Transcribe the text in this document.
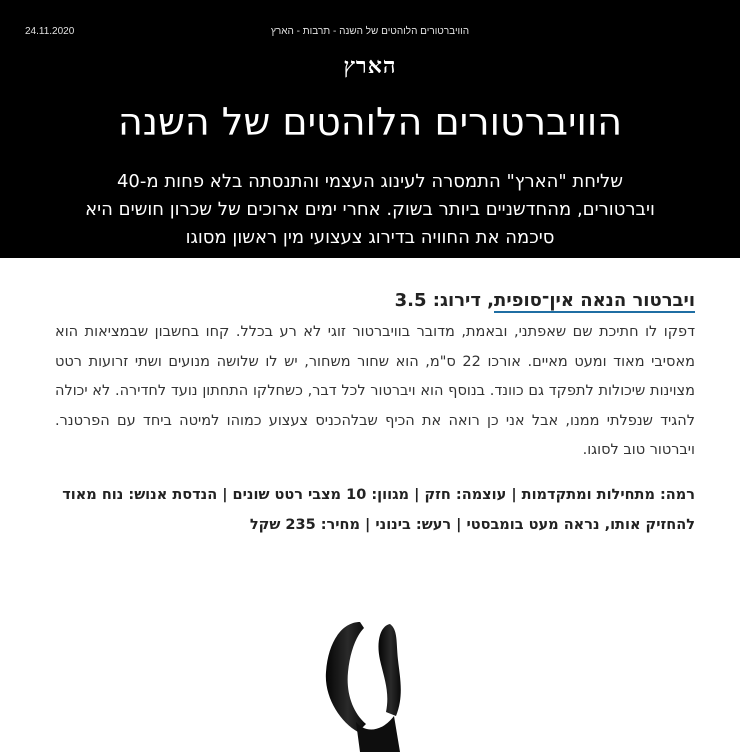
24.11.2020	הוויברטורים הלוהטים של השנה - תרבות - הארץ
הארץ
הוויברטורים הלוהטים של השנה
שליחת "הארץ" התמסרה לעינוג העצמי והתנסתה בלא פחות מ-40 ויברטורים, מהחדשניים ביותר בשוק. אחרי ימים ארוכים של שכרון חושים היא סיכמה את החוויה בדירוג צעצועי מין ראשון מסוגו
ויברטור הנאה אין־סופית, דירוג: 3.5
דפקו לו חתיכת שם שאפתני, ובאמת, מדובר בוויברטור זוגי לא רע בכלל. קחו בחשבון שבמציאות הוא מאסיבי מאוד ומעט מאיים. אורכו 22 ס"מ, הוא שחור משחור, יש לו שלושה מנועים ושתי זרועות רטט מצוינות שיכולות לתפקד גם כוונד. בנוסף הוא ויברטור לכל דבר, כשחלקו התחתון נועד לחדירה. לא יכולה להגיד שנפלתי ממנו, אבל אני כן רואה את הכיף שבלהכניס צעצוע כמוהו למיטה ביחד עם הפרטנר. ויברטור טוב לסוגו.
רמה: מתחילות ומתקדמות | עוצמה: חזק | מגוון: 10 מצבי רטט שונים | הנדסת אנוש: נוח מאוד להחזיק אותו, נראה מעט בומבסטי | רעש: בינוני | מחיר: 235 שקל
